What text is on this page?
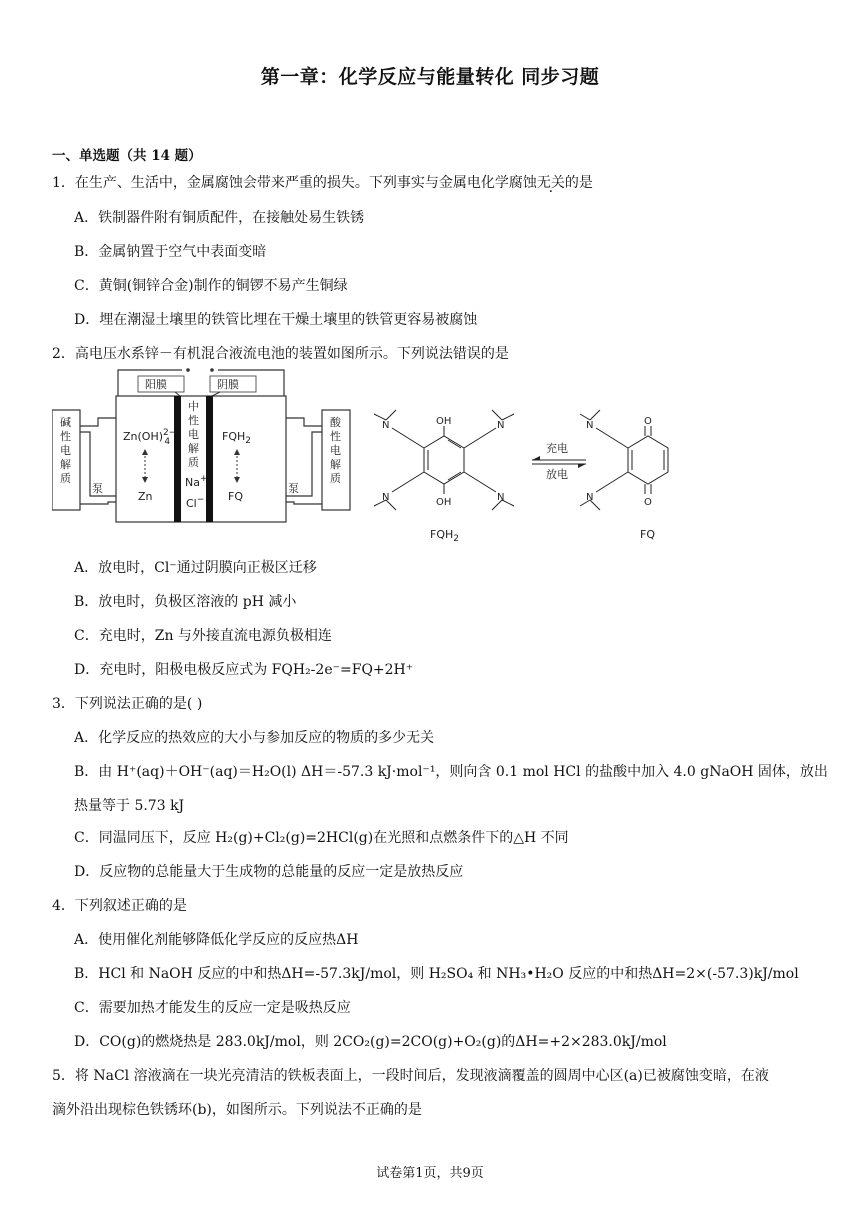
第一章：化学反应与能量转化 同步习题
一、单选题（共 14 题）
1．在生产、生活中，金属腐蚀会带来严重的损失。下列事实与金属电化学腐蚀无关的是
A．铁制器件附有铜质配件，在接触处易生铁锈
B．金属钠置于空气中表面变暗
C．黄铜(铜锌合金)制作的铜锣不易产生铜绿
D．埋在潮湿土壤里的铁管比埋在干燥土壤里的铁管更容易被腐蚀
2．高电压水系锌－有机混合液流电池的装置如图所示。下列说法错误的是
阳膜	阴膜
Zn(OH)$^{2-}$ 4
Zn
中
性
电
解
质
Na+
Cl−
$FQH_2$
FQ
碱
性
电
解
质
泵
酸
性
电
解
质
泵
OH
OH
N	N
N	N
$FQH_2$
充电
放电
O
O
N
N
FQ
A．放电时，Cl⁻通过阴膜向正极区迁移
B．放电时，负极区溶液的 pH 减小
C．充电时，Zn 与外接直流电源负极相连
D．充电时，阳极电极反应式为 FQH₂-2e⁻=FQ+2H⁺
3．下列说法正确的是( )
A．化学反应的热效应的大小与参加反应的物质的多少无关
B．由 H⁺(aq)＋OH⁻(aq)＝H₂O(l) ΔH＝-57.3 kJ·mol⁻¹，则向含 0.1 mol HCl 的盐酸中加入 4.0 gNaOH 固体，放出
热量等于 5.73 kJ
C．同温同压下，反应 H₂(g)+Cl₂(g)=2HCl(g)在光照和点燃条件下的△H 不同
D．反应物的总能量大于生成物的总能量的反应一定是放热反应
4．下列叙述正确的是
A．使用催化剂能够降低化学反应的反应热ΔH
B．HCl 和 NaOH 反应的中和热ΔH=-57.3kJ/mol，则 H₂SO₄ 和 NH₃•H₂O 反应的中和热ΔH=2×(-57.3)kJ/mol
C．需要加热才能发生的反应一定是吸热反应
D．CO(g)的燃烧热是 283.0kJ/mol，则 2CO₂(g)=2CO(g)+O₂(g)的ΔH=+2×283.0kJ/mol
5．将 NaCl 溶液滴在一块光亮清洁的铁板表面上，一段时间后，发现液滴覆盖的圆周中心区(a)已被腐蚀变暗，在液
滴外沿出现棕色铁锈环(b)，如图所示。下列说法不正确的是
试卷第1页，共9页
